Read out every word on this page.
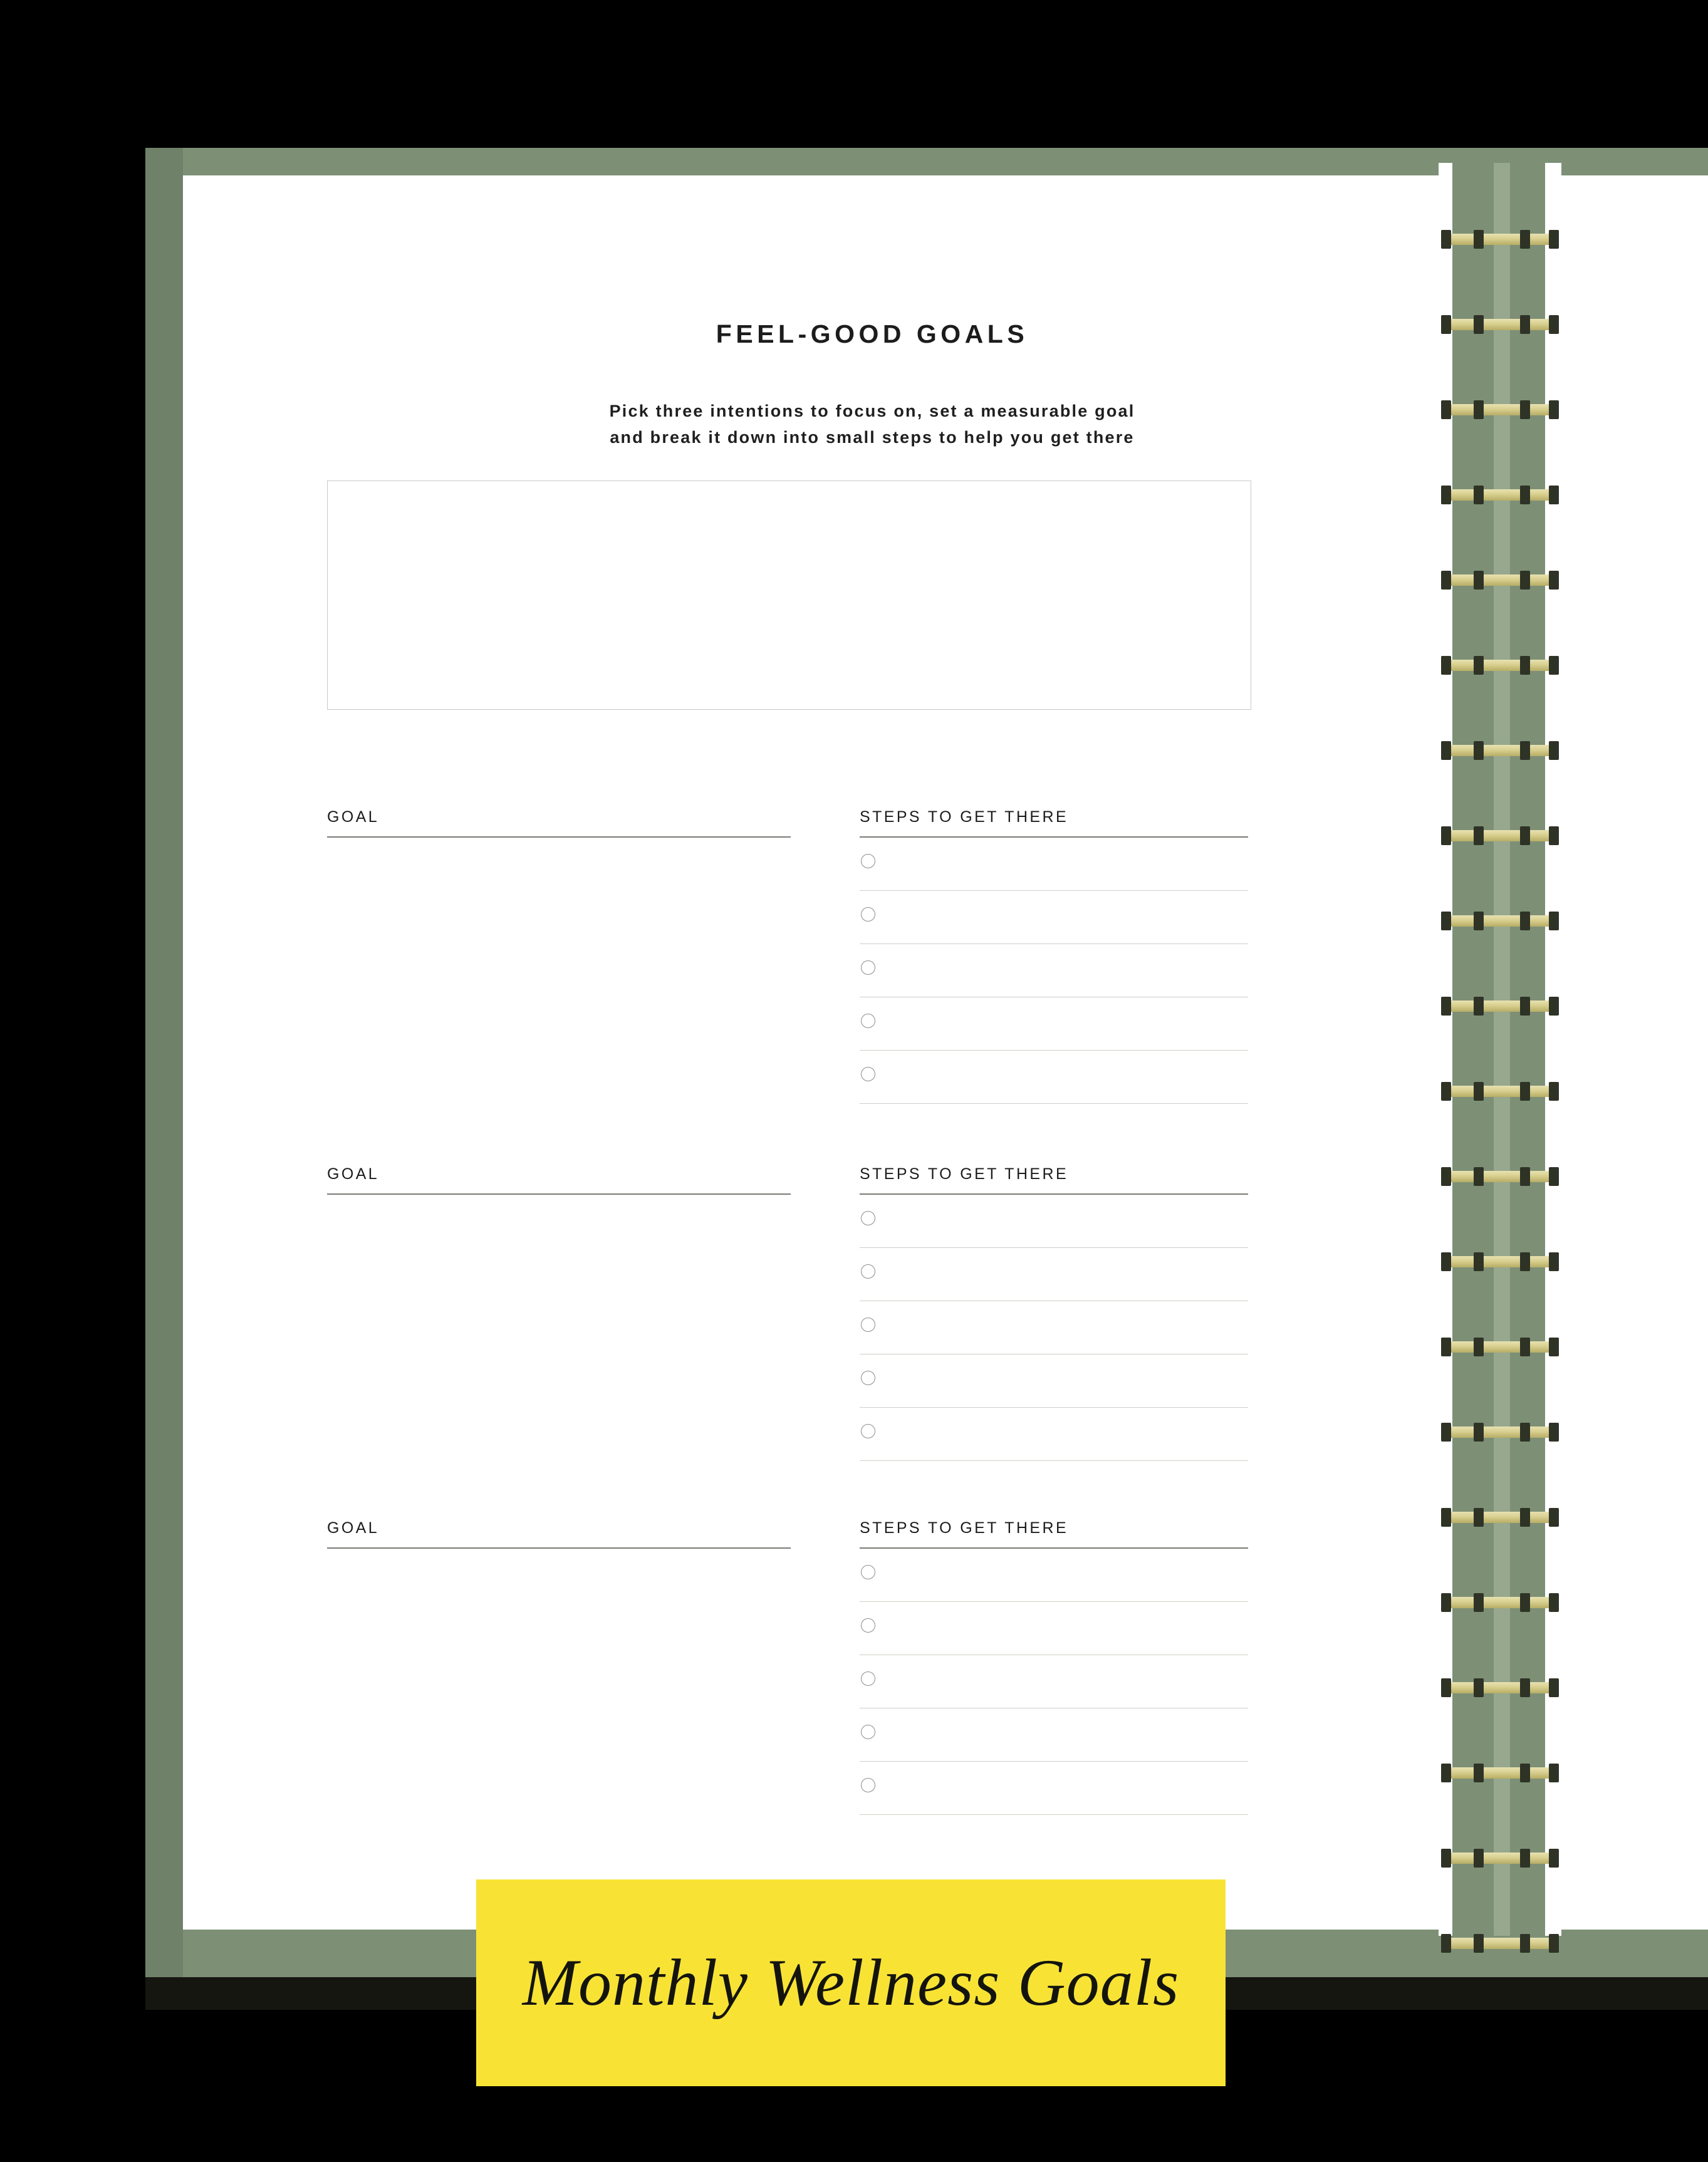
FEEL-GOOD GOALS
Pick three intentions to focus on, set a measurable goal
and break it down into small steps to help you get there
GOAL	STEPS TO GET THERE
GOAL	STEPS TO GET THERE
GOAL	STEPS TO GET THERE
Monthly Wellness Goals
